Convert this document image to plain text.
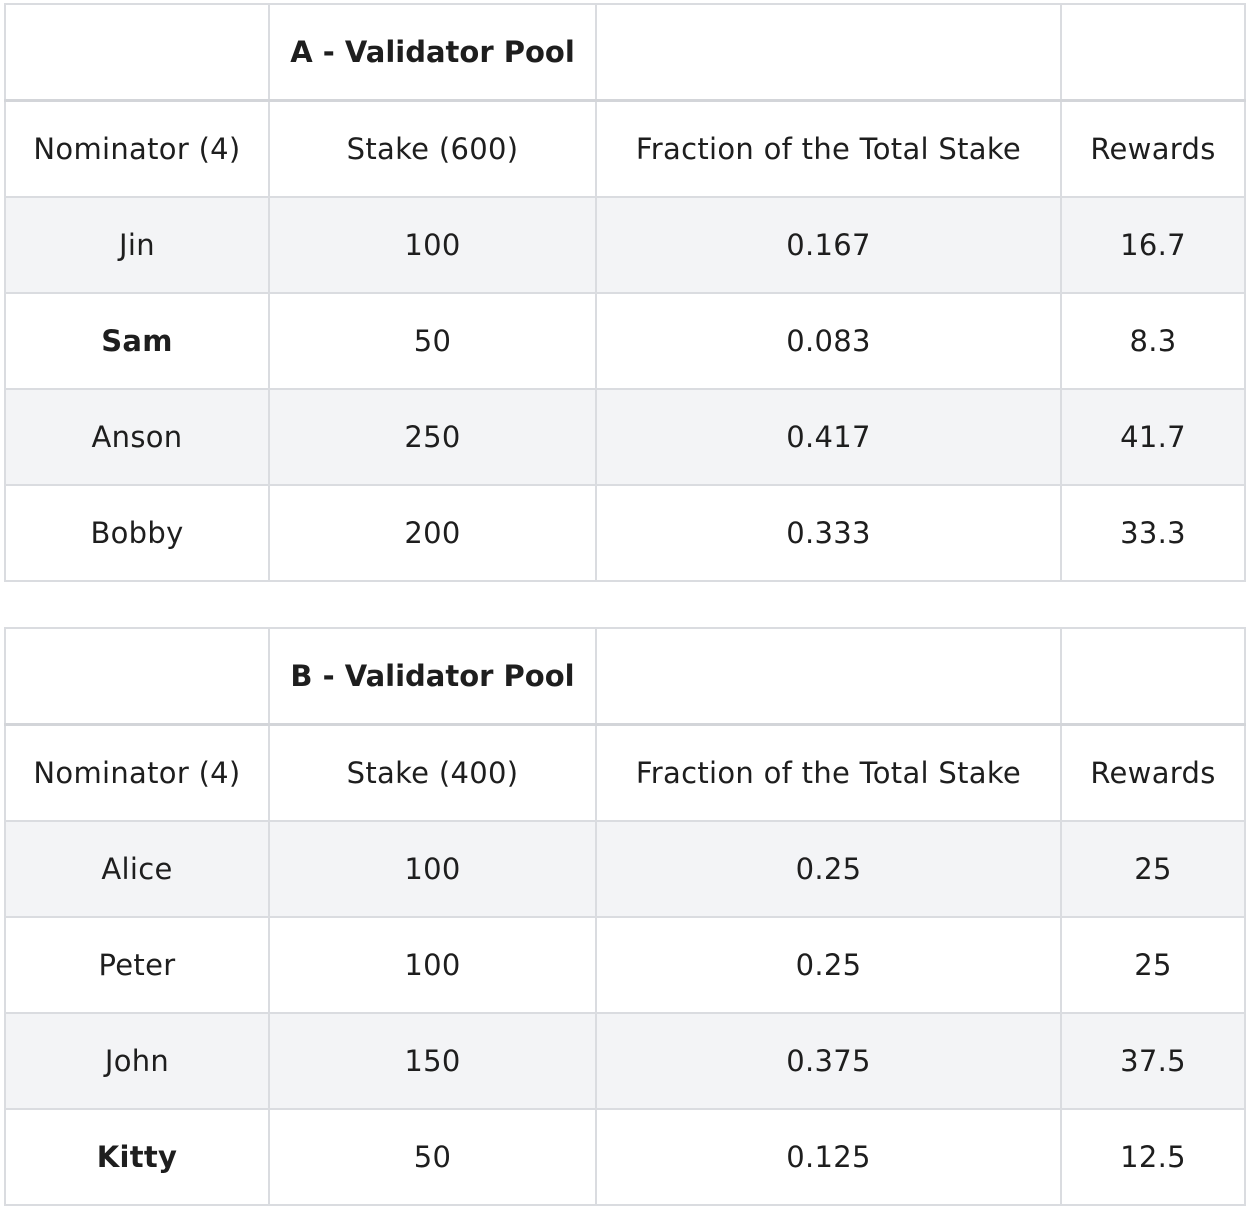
	A - Validator Pool		
Nominator (4)	Stake (600)	Fraction of the Total Stake	Rewards
Jin	100	0.167	16.7
Sam	50	0.083	8.3
Anson	250	0.417	41.7
Bobby	200	0.333	33.3
	B - Validator Pool		
Nominator (4)	Stake (400)	Fraction of the Total Stake	Rewards
Alice	100	0.25	25
Peter	100	0.25	25
John	150	0.375	37.5
Kitty	50	0.125	12.5
